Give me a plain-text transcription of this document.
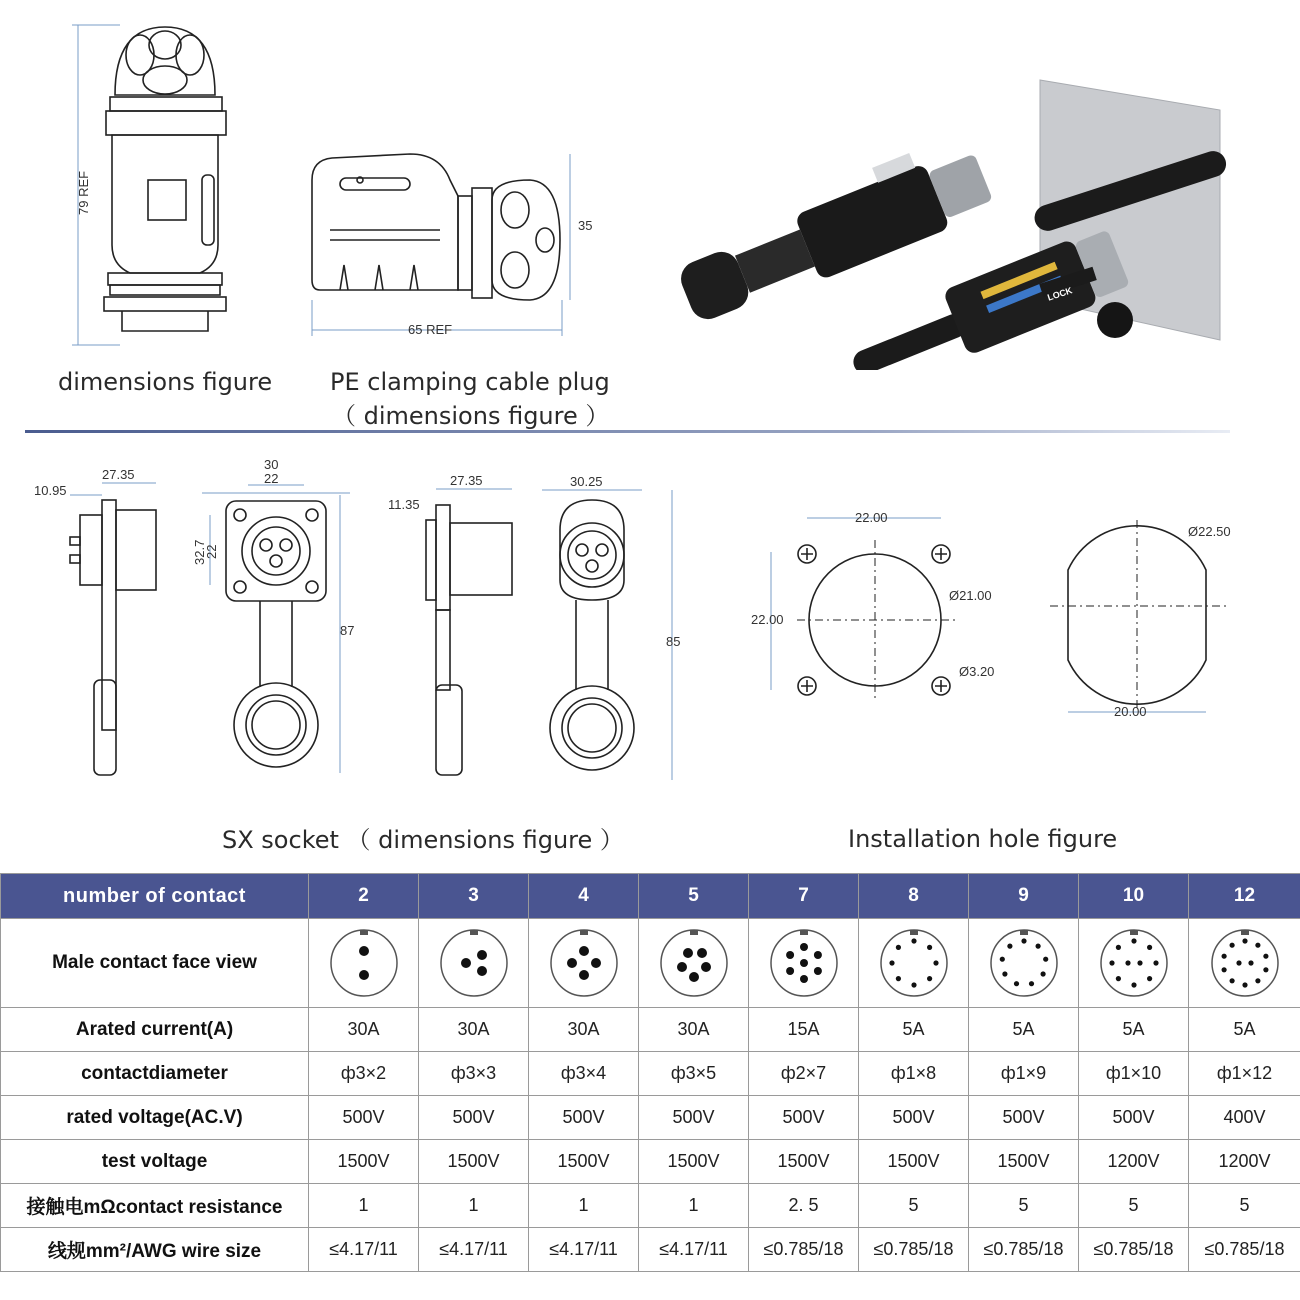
79 REF
dimensions figure
65 REF
35
PE clamping cable plug
（ dimensions figure ）
LOCK
10.95
27.35
30
22
32.7
22
87
11.35
27.35	30.25
85
SX socket （ dimensions figure ）
22.00
22.00
Ø21.00
Ø3.20
Ø22.50
20.00
Installation hole figure
number of contact	2	3	4	5	7	8	9	10	12
Male contact face view	

Arated current(A)	30A	30A	30A	30A	15A	5A	5A	5A	5A
contactdiameter	ф3×2	ф3×3	ф3×4	ф3×5	ф2×7	ф1×8	ф1×9	ф1×10	ф1×12
rated voltage(AC.V)	500V	500V	500V	500V	500V	500V	500V	500V	400V
test voltage	1500V	1500V	1500V	1500V	1500V	1500V	1500V	1200V	1200V
接触电mΩcontact resistance	1	1	1	1	2. 5	5	5	5	5
线规mm²/AWG wire size	≤4.17/11	≤4.17/11	≤4.17/11	≤4.17/11	≤0.785/18	≤0.785/18	≤0.785/18	≤0.785/18	≤0.785/18
